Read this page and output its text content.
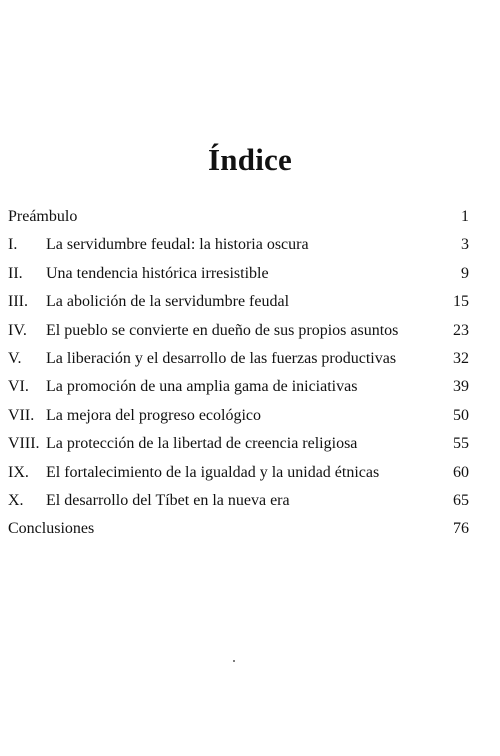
Índice
Preámbulo	1
I. La servidumbre feudal: la historia oscura	3
II. Una tendencia histórica irresistible	9
III. La abolición de la servidumbre feudal	15
IV. El pueblo se convierte en dueño de sus propios asuntos	23
V. La liberación y el desarrollo de las fuerzas productivas	32
VI. La promoción de una amplia gama de iniciativas	39
VII. La mejora del progreso ecológico	50
VIII. La protección de la libertad de creencia religiosa	55
IX. El fortalecimiento de la igualdad y la unidad étnicas	60
X. El desarrollo del Tíbet en la nueva era	65
Conclusiones	76
